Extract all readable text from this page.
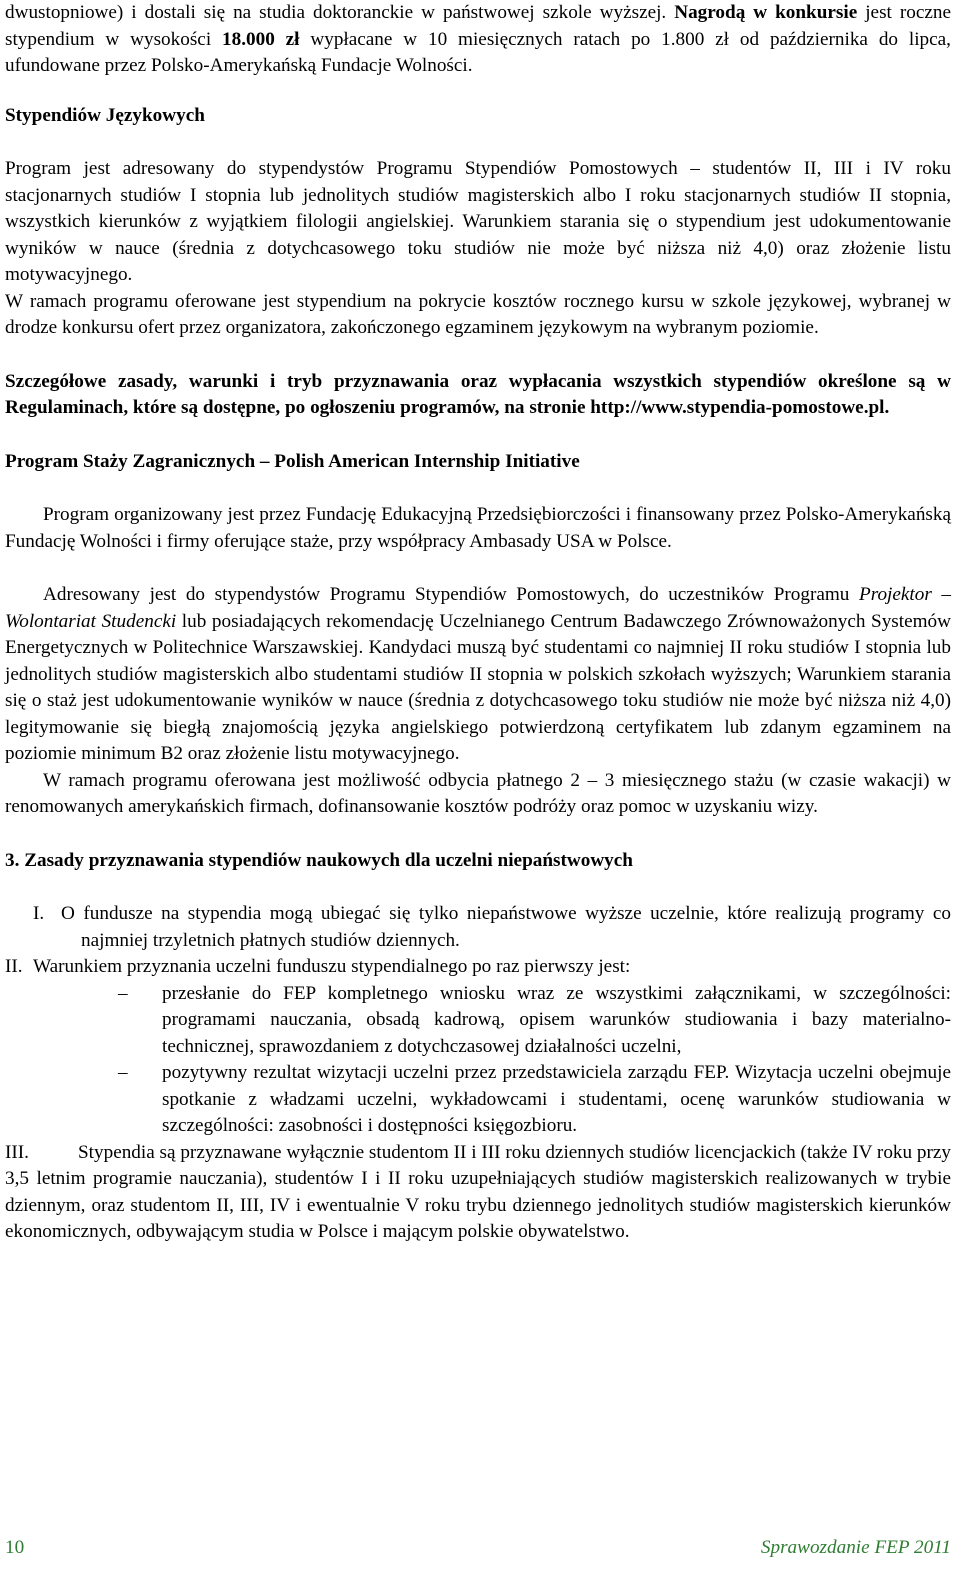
dwustopniowe) i dostali się na studia doktoranckie w państwowej szkole wyższej. Nagrodą w konkursie jest roczne stypendium w wysokości 18.000 zł wypłacane w 10 miesięcznych ratach po 1.800 zł od października do lipca, ufundowane przez Polsko-Amerykańską Fundacje Wolności.

Stypendiów Językowych

Program jest adresowany do stypendystów Programu Stypendiów Pomostowych – studentów II, III i IV roku stacjonarnych studiów I stopnia lub jednolitych studiów magisterskich albo I roku stacjonarnych studiów II stopnia, wszystkich kierunków z wyjątkiem filologii angielskiej. Warunkiem starania się o stypendium jest udokumentowanie wyników w nauce (średnia z dotychcasowego toku studiów nie może być niższa niż 4,0) oraz złożenie listu motywacyjnego.

W ramach programu oferowane jest stypendium na pokrycie kosztów rocznego kursu w szkole językowej, wybranej w drodze konkursu ofert przez organizatora, zakończonego egzaminem językowym na wybranym poziomie.

Szczegółowe zasady, warunki i tryb przyznawania oraz wypłacania wszystkich stypendiów określone są w Regulaminach, które są dostępne, po ogłoszeniu programów, na stronie http://www.stypendia-pomostowe.pl.

Program Staży Zagranicznych – Polish American Internship Initiative

Program organizowany jest przez Fundację Edukacyjną Przedsiębiorczości i finansowany przez Polsko-Amerykańską Fundację Wolności i firmy oferujące staże, przy współpracy Ambasady USA w Polsce.

Adresowany jest do stypendystów Programu Stypendiów Pomostowych, do uczestników Programu Projektor – Wolontariat Studencki lub posiadających rekomendację Uczelnianego Centrum Badawczego Zrównoważonych Systemów Energetycznych w Politechnice Warszawskiej. Kandydaci muszą być studentami co najmniej II roku studiów I stopnia lub jednolitych studiów magisterskich albo studentami studiów II stopnia w polskich szkołach wyższych; Warunkiem starania się o staż jest udokumentowanie wyników w nauce (średnia z dotychcasowego toku studiów nie może być niższa niż 4,0) legitymowanie się biegłą znajomością języka angielskiego potwierdzoną certyfikatem lub zdanym egzaminem na poziomie minimum B2 oraz złożenie listu motywacyjnego.

W ramach programu oferowana jest możliwość odbycia płatnego 2 – 3 miesięcznego stażu (w czasie wakacji) w renomowanych amerykańskich firmach, dofinansowanie kosztów podróży oraz pomoc w uzyskaniu wizy.

3. Zasady przyznawania stypendiów naukowych dla uczelni niepaństwowych

I. O fundusze na stypendia mogą ubiegać się tylko niepaństwowe wyższe uczelnie, które realizują programy co najmniej trzyletnich płatnych studiów dziennych.

II. Warunkiem przyznania uczelni funduszu stypendialnego po raz pierwszy jest:

–	przesłanie do FEP kompletnego wniosku wraz ze wszystkimi załącznikami, w szczególności: programami nauczania, obsadą kadrową, opisem warunków studiowania i bazy materialno-technicznej, sprawozdaniem z dotychczasowej działalności uczelni,
–	pozytywny rezultat wizytacji uczelni przez przedstawiciela zarządu FEP. Wizytacja uczelni obejmuje spotkanie z władzami uczelni, wykładowcami i studentami, ocenę warunków studiowania w szczególności: zasobności i dostępności księgozbioru.

III.	Stypendia są przyznawane wyłącznie studentom II i III roku dziennych studiów licencjackich (także IV roku przy 3,5 letnim programie nauczania), studentów I i II roku uzupełniających studiów magisterskich realizowanych w trybie dziennym, oraz studentom II, III, IV i ewentualnie V roku trybu dziennego jednolitych studiów magisterskich kierunków ekonomicznych, odbywającym studia w Polsce i mającym polskie obywatelstwo.

10	Sprawozdanie FEP 2011
